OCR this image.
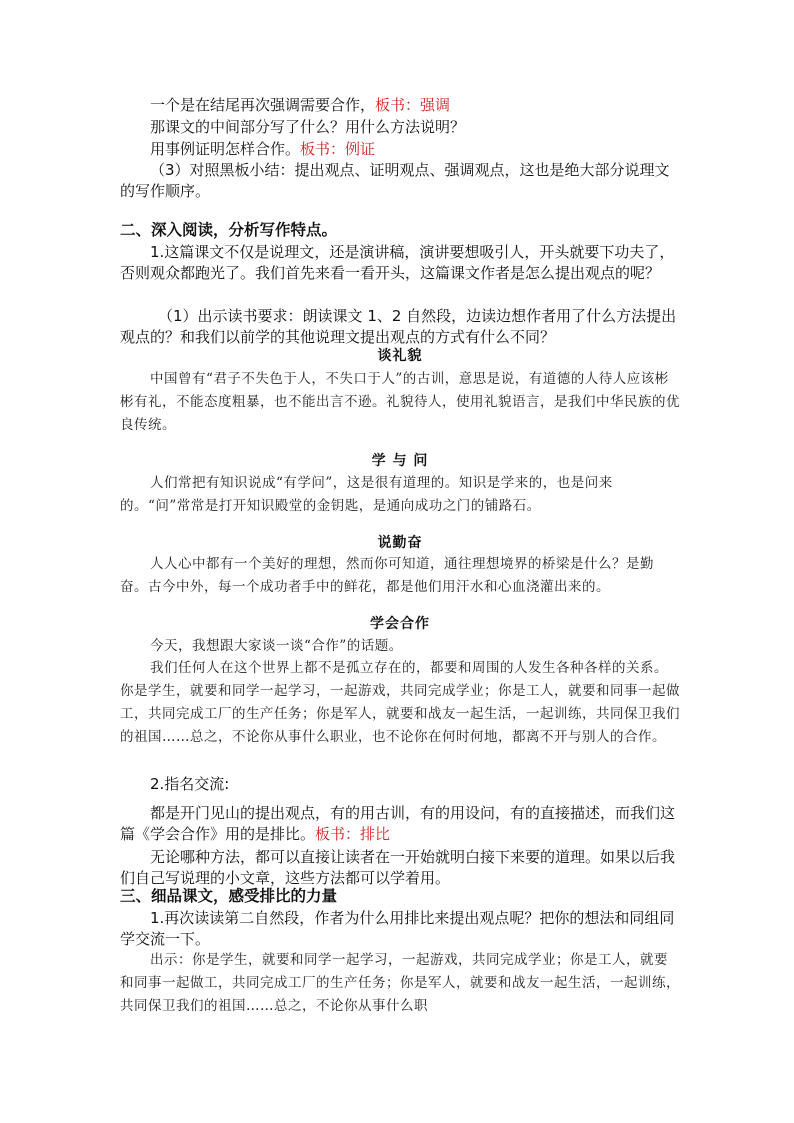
一个是在结尾再次强调需要合作，板书：强调

那课文的中间部分写了什么？用什么方法说明？

用事例证明怎样合作。板书：例证

（3）对照黑板小结：提出观点、证明观点、强调观点，这也是绝大部分说理文的写作顺序。

二、深入阅读，分析写作特点。

1.这篇课文不仅是说理文，还是演讲稿，演讲要想吸引人，开头就要下功夫了，否则观众都跑光了。我们首先来看一看开头，这篇课文作者是怎么提出观点的呢？

（1）出示读书要求：朗读课文 1、2 自然段，边读边想作者用了什么方法提出观点的？和我们以前学的其他说理文提出观点的方式有什么不同？

谈礼貌

中国曾有“君子不失色于人，不失口于人”的古训，意思是说，有道德的人待人应该彬彬有礼，不能态度粗暴，也不能出言不逊。礼貌待人，使用礼貌语言，是我们中华民族的优良传统。

学 与 问

人们常把有知识说成“有学问”，这是很有道理的。知识是学来的，也是问来的。“问”常常是打开知识殿堂的金钥匙，是通向成功之门的铺路石。

说勤奋

人人心中都有一个美好的理想，然而你可知道，通往理想境界的桥梁是什么？是勤奋。古今中外，每一个成功者手中的鲜花，都是他们用汗水和心血浇灌出来的。

学会合作

今天，我想跟大家谈一谈“合作”的话题。

我们任何人在这个世界上都不是孤立存在的，都要和周围的人发生各种各样的关系。你是学生，就要和同学一起学习，一起游戏，共同完成学业；你是工人，就要和同事一起做工，共同完成工厂的生产任务；你是军人，就要和战友一起生活，一起训练，共同保卫我们的祖国……总之，不论你从事什么职业，也不论你在何时何地，都离不开与别人的合作。

2.指名交流:

都是开门见山的提出观点，有的用古训，有的用设问，有的直接描述，而我们这篇《学会合作》用的是排比。板书：排比

无论哪种方法，都可以直接让读者在一开始就明白接下来要的道理。如果以后我们自己写说理的小文章，这些方法都可以学着用。

三、细品课文，感受排比的力量

1.再次读读第二自然段，作者为什么用排比来提出观点呢？把你的想法和同组同学交流一下。

出示：你是学生，就要和同学一起学习，一起游戏，共同完成学业；你是工人，就要和同事一起做工，共同完成工厂的生产任务；你是军人，就要和战友一起生活，一起训练，共同保卫我们的祖国……总之，不论你从事什么职
